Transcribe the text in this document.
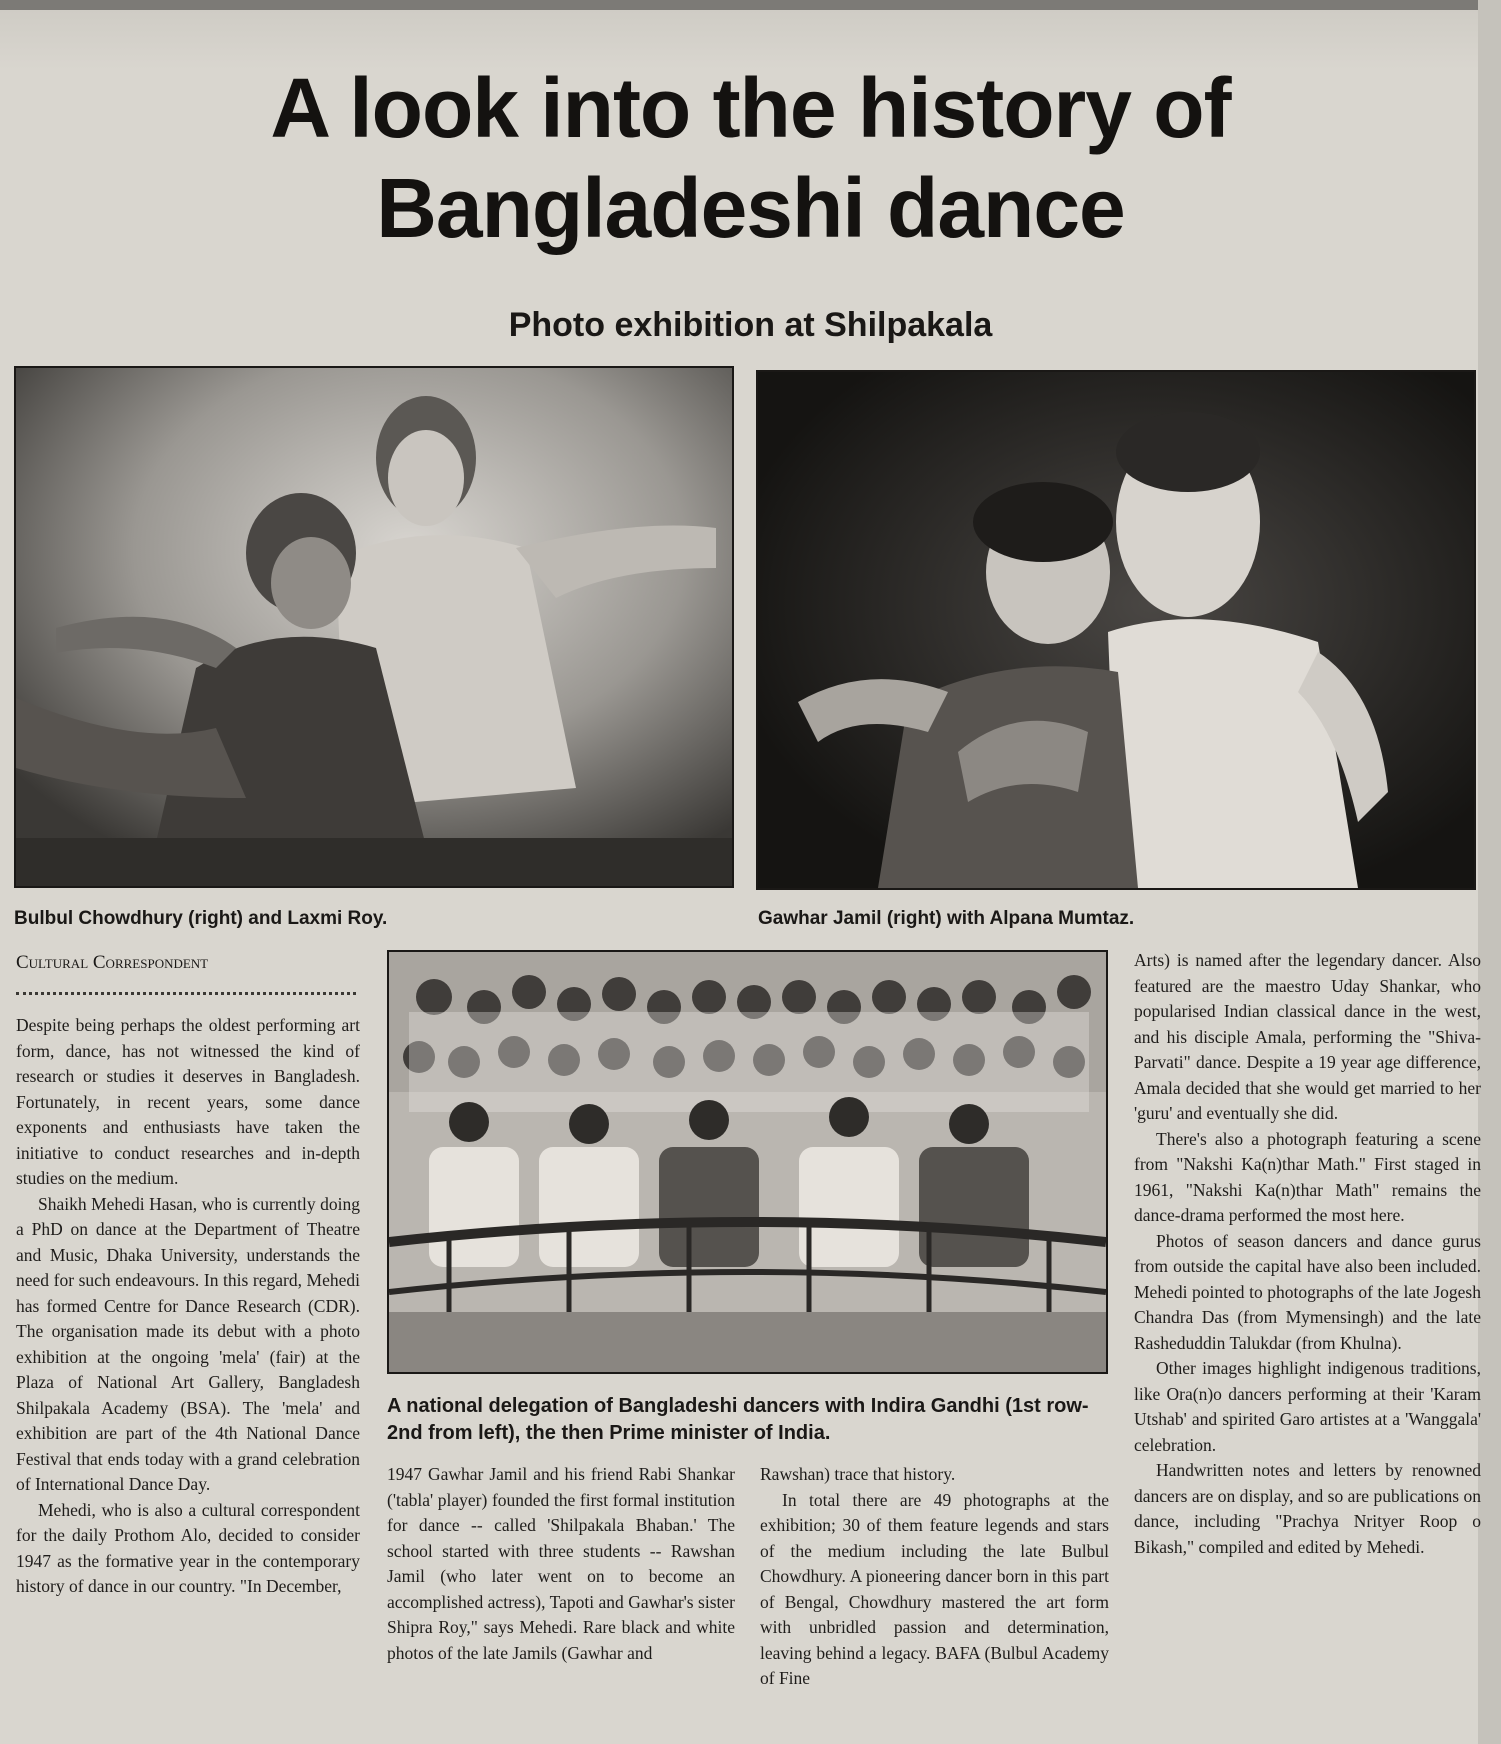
A look into the history of
Bangladeshi dance
Photo exhibition at Shilpakala
Bulbul Chowdhury (right) and Laxmi Roy.	Gawhar Jamil (right) with Alpana Mumtaz.
Cultural Correspondent
A national delegation of Bangladeshi dancers with Indira Gandhi (1st row- 2nd from left), the then Prime minister of India.

Despite being perhaps the oldest performing art form, dance, has not witnessed the kind of research or studies it deserves in Bangladesh. Fortunately, in recent years, some dance exponents and enthusiasts have taken the initiative to conduct researches and in-depth studies on the medium.

Shaikh Mehedi Hasan, who is currently doing a PhD on dance at the Department of Theatre and Music, Dhaka University, understands the need for such endeavours. In this regard, Mehedi has formed Centre for Dance Research (CDR). The organisation made its debut with a photo exhibition at the ongoing 'mela' (fair) at the Plaza of National Art Gallery, Bangladesh Shilpakala Academy (BSA). The 'mela' and exhibition are part of the 4th National Dance Festival that ends today with a grand celebration of International Dance Day.

Mehedi, who is also a cultural correspondent for the daily Prothom Alo, decided to consider 1947 as the formative year in the contemporary history of dance in our country. "In December,

1947 Gawhar Jamil and his friend Rabi Shankar ('tabla' player) founded the first formal institution for dance -- called 'Shilpakala Bhaban.' The school started with three students -- Rawshan Jamil (who later went on to become an accomplished actress), Tapoti and Gawhar's sister Shipra Roy," says Mehedi. Rare black and white photos of the late Jamils (Gawhar and

Rawshan) trace that history.

In total there are 49 photographs at the exhibition; 30 of them feature legends and stars of the medium including the late Bulbul Chowdhury. A pioneering dancer born in this part of Bengal, Chowdhury mastered the art form with unbridled passion and determination, leaving behind a legacy. BAFA (Bulbul Academy of Fine

Arts) is named after the legendary dancer. Also featured are the maestro Uday Shankar, who popularised Indian classical dance in the west, and his disciple Amala, performing the "Shiva-Parvati" dance. Despite a 19 year age difference, Amala decided that she would get married to her 'guru' and eventually she did.

There's also a photograph featuring a scene from "Nakshi Ka(n)thar Math." First staged in 1961, "Nakshi Ka(n)thar Math" remains the dance-drama performed the most here.

Photos of season dancers and dance gurus from outside the capital have also been included. Mehedi pointed to photographs of the late Jogesh Chandra Das (from Mymensingh) and the late Rasheduddin Talukdar (from Khulna).

Other images highlight indigenous traditions, like Ora(n)o dancers performing at their 'Karam Utshab' and spirited Garo artistes at a 'Wanggala' celebration.

Handwritten notes and letters by renowned dancers are on display, and so are publications on dance, including "Prachya Nrityer Roop o Bikash," compiled and edited by Mehedi.
